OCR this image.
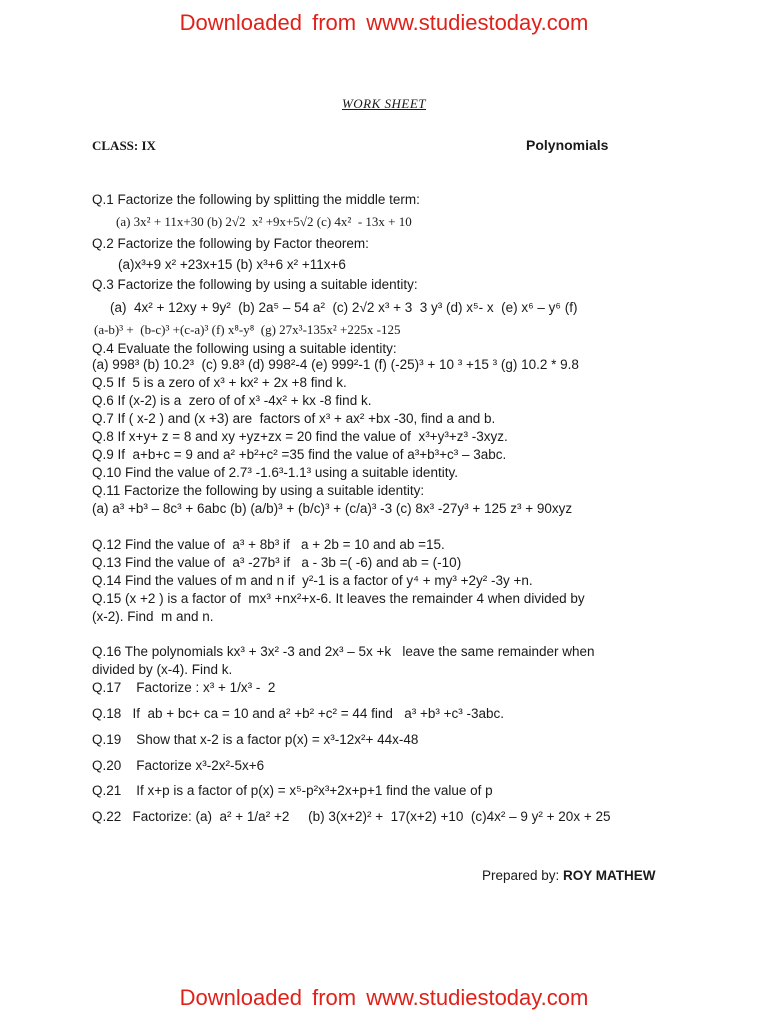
Downloaded from www.studiestoday.com
WORK SHEET
CLASS: IX	Polynomials
Q.1 Factorize the following by splitting the middle term:
(a) 3x² + 11x+30 (b) 2√2  x² +9x+5√2 (c) 4x²  - 13x + 10
Q.2 Factorize the following by Factor theorem:
(a)x³+9 x² +23x+15 (b) x³+6 x² +11x+6
Q.3 Factorize the following by using a suitable identity:
(a)  4x² + 12xy + 9y²  (b) 2a⁵ – 54 a²  (c) 2√2 x³ + 3  3 y³ (d) x⁵- x  (e) x⁶ – y⁶ (f)
(a-b)³ +  (b-c)³ +(c-a)³ (f) x⁸-y⁸  (g) 27x³-135x² +225x -125
Q.4 Evaluate the following using a suitable identity:
(a) 998³ (b) 10.2³  (c) 9.8³ (d) 998²-4 (e) 999²-1 (f) (-25)³ + 10 ³ +15 ³ (g) 10.2 * 9.8
Q.5 If  5 is a zero of x³ + kx² + 2x +8 find k.
Q.6 If (x-2) is a  zero of of x³ -4x² + kx -8 find k.
Q.7 If ( x-2 ) and (x +3) are  factors of x³ + ax² +bx -30, find a and b.
Q.8 If x+y+ z = 8 and xy +yz+zx = 20 find the value of  x³+y³+z³ -3xyz.
Q.9 If  a+b+c = 9 and a² +b²+c² =35 find the value of a³+b³+c³ – 3abc.
Q.10 Find the value of 2.7³ -1.6³-1.1³ using a suitable identity.
Q.11 Factorize the following by using a suitable identity:
(a) a³ +b³ – 8c³ + 6abc (b) (a/b)³ + (b/c)³ + (c/a)³ -3 (c) 8x³ -27y³ + 125 z³ + 90xyz
Q.12 Find the value of  a³ + 8b³ if   a + 2b = 10 and ab =15.
Q.13 Find the value of  a³ -27b³ if   a - 3b =( -6) and ab = (-10)
Q.14 Find the values of m and n if  y²-1 is a factor of y⁴ + my³ +2y² -3y +n.
Q.15 (x +2 ) is a factor of  mx³ +nx²+x-6. It leaves the remainder 4 when divided by
(x-2). Find  m and n.
Q.16 The polynomials kx³ + 3x² -3 and 2x³ – 5x +k   leave the same remainder when
divided by (x-4). Find k.
Q.17    Factorize : x³ + 1/x³ -  2
Q.18   If  ab + bc+ ca = 10 and a² +b² +c² = 44 find   a³ +b³ +c³ -3abc.
Q.19    Show that x-2 is a factor p(x) = x³-12x²+ 44x-48
Q.20    Factorize x³-2x²-5x+6
Q.21    If x+p is a factor of p(x) = x⁵-p²x³+2x+p+1 find the value of p
Q.22   Factorize: (a)  a² + 1/a² +2     (b) 3(x+2)² +  17(x+2) +10  (c)4x² – 9 y² + 20x + 25
Prepared by: ROY MATHEW
Downloaded from www.studiestoday.com
